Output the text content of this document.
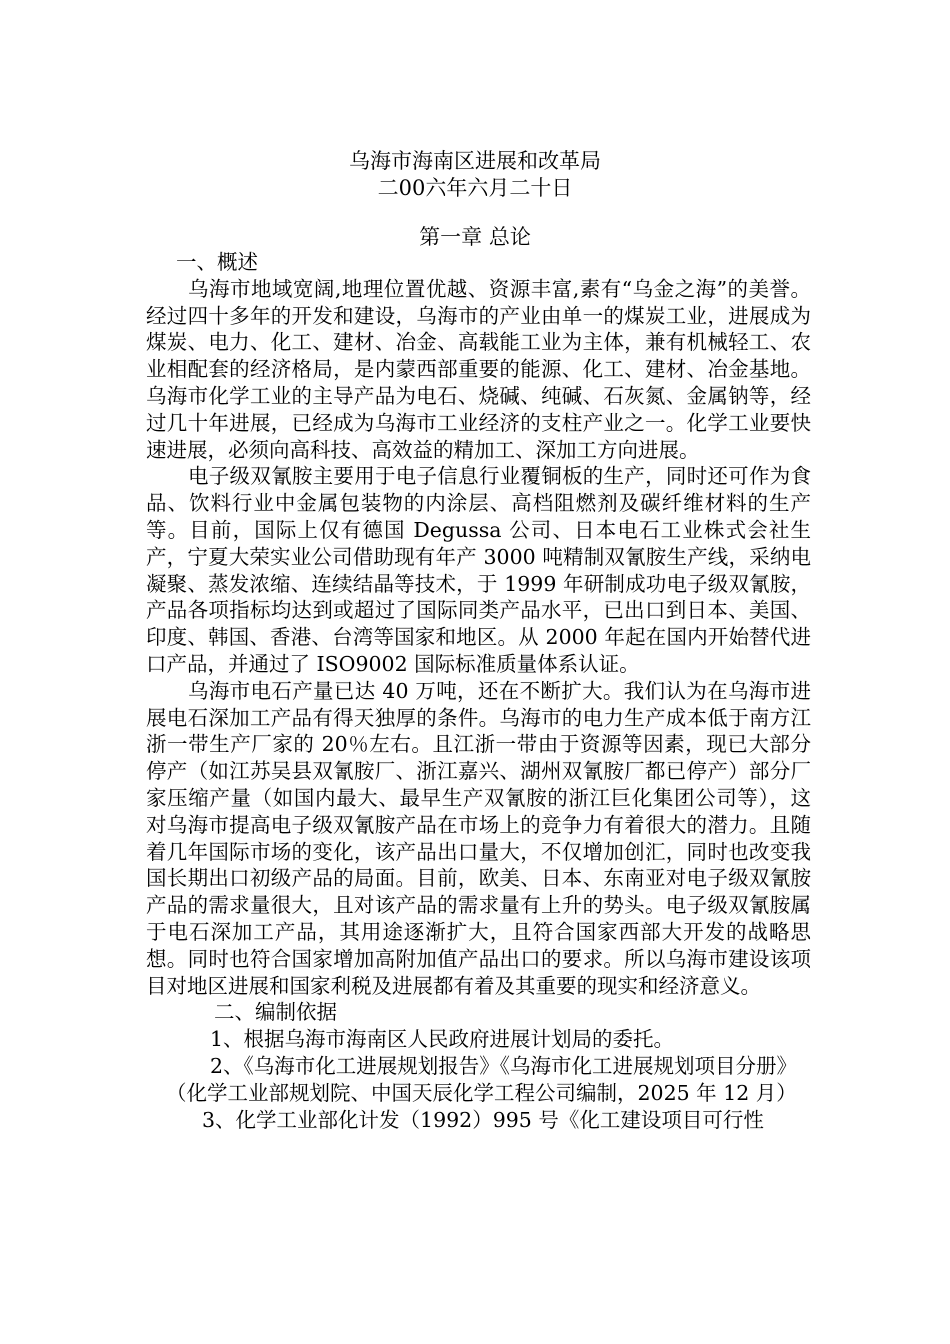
乌海市海南区进展和改革局
二00六年六月二十日
第一章 总论

一、概述

乌海市地域宽阔,地理位置优越、资源丰富,素有“乌金之海”的美誉。经过四十多年的开发和建设，乌海市的产业由单一的煤炭工业，进展成为煤炭、电力、化工、建材、冶金、高载能工业为主体，兼有机械轻工、农业相配套的经济格局，是内蒙西部重要的能源、化工、建材、冶金基地。乌海市化学工业的主导产品为电石、烧碱、纯碱、石灰氮、金属钠等，经过几十年进展，已经成为乌海市工业经济的支柱产业之一。化学工业要快速进展，必须向高科技、高效益的精加工、深加工方向进展。

电子级双氰胺主要用于电子信息行业覆铜板的生产，同时还可作为食品、饮料行业中金属包装物的内涂层、高档阻燃剂及碳纤维材料的生产等。目前，国际上仅有德国 Degussa 公司、日本电石工业株式会社生产，宁夏大荣实业公司借助现有年产 3000 吨精制双氰胺生产线，采纳电凝聚、蒸发浓缩、连续结晶等技术，于 1999 年研制成功电子级双氰胺，产品各项指标均达到或超过了国际同类产品水平，已出口到日本、美国、印度、韩国、香港、台湾等国家和地区。从 2000 年起在国内开始替代进口产品，并通过了 ISO9002 国际标准质量体系认证。

乌海市电石产量已达 40 万吨，还在不断扩大。我们认为在乌海市进展电石深加工产品有得天独厚的条件。乌海市的电力生产成本低于南方江浙一带生产厂家的 20％左右。且江浙一带由于资源等因素，现已大部分停产（如江苏吴县双氰胺厂、浙江嘉兴、湖州双氰胺厂都已停产）部分厂家压缩产量（如国内最大、最早生产双氰胺的浙江巨化集团公司等），这对乌海市提高电子级双氰胺产品在市场上的竞争力有着很大的潜力。且随着几年国际市场的变化，该产品出口量大，不仅增加创汇，同时也改变我国长期出口初级产品的局面。目前，欧美、日本、东南亚对电子级双氰胺产品的需求量很大，且对该产品的需求量有上升的势头。电子级双氰胺属于电石深加工产品，其用途逐渐扩大，且符合国家西部大开发的战略思想。同时也符合国家增加高附加值产品出口的要求。所以乌海市建设该项目对地区进展和国家利税及进展都有着及其重要的现实和经济意义。

二、编制依据

1、根据乌海市海南区人民政府进展计划局的委托。

2、《乌海市化工进展规划报告》《乌海市化工进展规划项目分册》

（化学工业部规划院、中国天辰化学工程公司编制，2025 年 12 月）

3、化学工业部化计发（1992）995 号《化工建设项目可行性
